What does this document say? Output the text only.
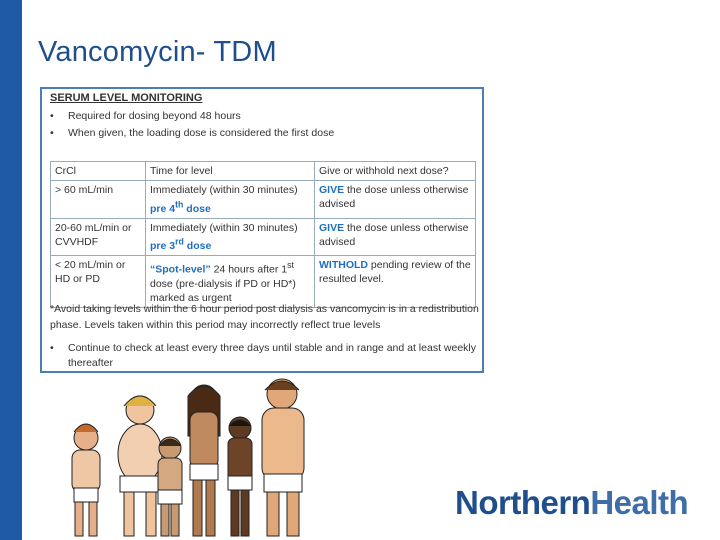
Vancomycin- TDM
SERUM LEVEL MONITORING
• Required for dosing beyond 48 hours
• When given, the loading dose is considered the first dose
CrCl	Time for level	Give or withhold next dose?
> 60 mL/min	Immediately (within 30 minutes) pre 4th dose	GIVE the dose unless otherwise advised
20-60 mL/min or CVVHDF	Immediately (within 30 minutes) pre 3rd dose	GIVE the dose unless otherwise advised
< 20 mL/min or HD or PD	“Spot-level” 24 hours after 1st dose (pre-dialysis if PD or HD*) marked as urgent	WITHOLD pending review of the resulted level.
*Avoid taking levels within the 6 hour period post dialysis as vancomycin is in a redistribution phase. Levels taken within this period may incorrectly reflect true levels
• Continue to check at least every three days until stable and in range and at least weekly thereafter
NorthernHealth
